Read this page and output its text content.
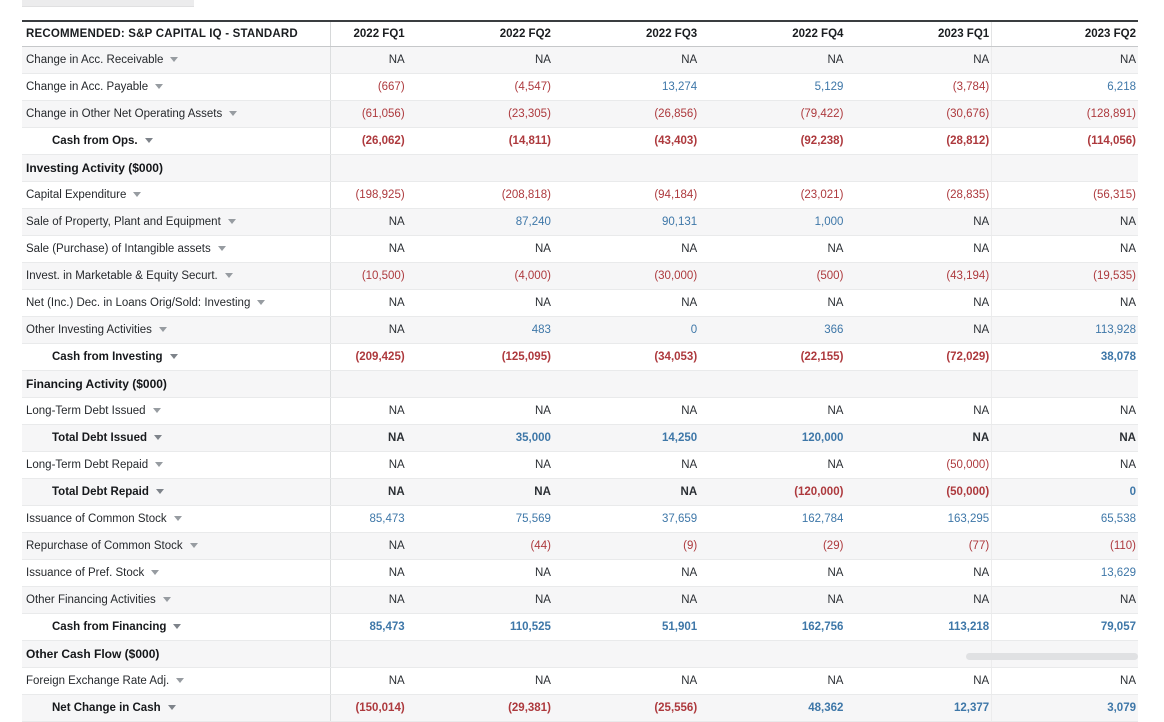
RECOMMENDED: S&P CAPITAL IQ - STANDARD	2022 FQ1	2022 FQ2	2022 FQ3	2022 FQ4	2023 FQ1	2023 FQ2
Change in Acc. Receivable	NA	NA	NA	NA	NA	NA
Change in Acc. Payable	(667)	(4,547)	13,274	5,129	(3,784)	6,218
Change in Other Net Operating Assets	(61,056)	(23,305)	(26,856)	(79,422)	(30,676)	(128,891)
Cash from Ops.	(26,062)	(14,811)	(43,403)	(92,238)	(28,812)	(114,056)
Investing Activity ($000)						
Capital Expenditure	(198,925)	(208,818)	(94,184)	(23,021)	(28,835)	(56,315)
Sale of Property, Plant and Equipment	NA	87,240	90,131	1,000	NA	NA
Sale (Purchase) of Intangible assets	NA	NA	NA	NA	NA	NA
Invest. in Marketable & Equity Securt.	(10,500)	(4,000)	(30,000)	(500)	(43,194)	(19,535)
Net (Inc.) Dec. in Loans Orig/Sold: Investing	NA	NA	NA	NA	NA	NA
Other Investing Activities	NA	483	0	366	NA	113,928
Cash from Investing	(209,425)	(125,095)	(34,053)	(22,155)	(72,029)	38,078
Financing Activity ($000)						
Long-Term Debt Issued	NA	NA	NA	NA	NA	NA
Total Debt Issued	NA	35,000	14,250	120,000	NA	NA
Long-Term Debt Repaid	NA	NA	NA	NA	(50,000)	NA
Total Debt Repaid	NA	NA	NA	(120,000)	(50,000)	0
Issuance of Common Stock	85,473	75,569	37,659	162,784	163,295	65,538
Repurchase of Common Stock	NA	(44)	(9)	(29)	(77)	(110)
Issuance of Pref. Stock	NA	NA	NA	NA	NA	13,629
Other Financing Activities	NA	NA	NA	NA	NA	NA
Cash from Financing	85,473	110,525	51,901	162,756	113,218	79,057
Other Cash Flow ($000)						
Foreign Exchange Rate Adj.	NA	NA	NA	NA	NA	NA
Net Change in Cash	(150,014)	(29,381)	(25,556)	48,362	12,377	3,079
